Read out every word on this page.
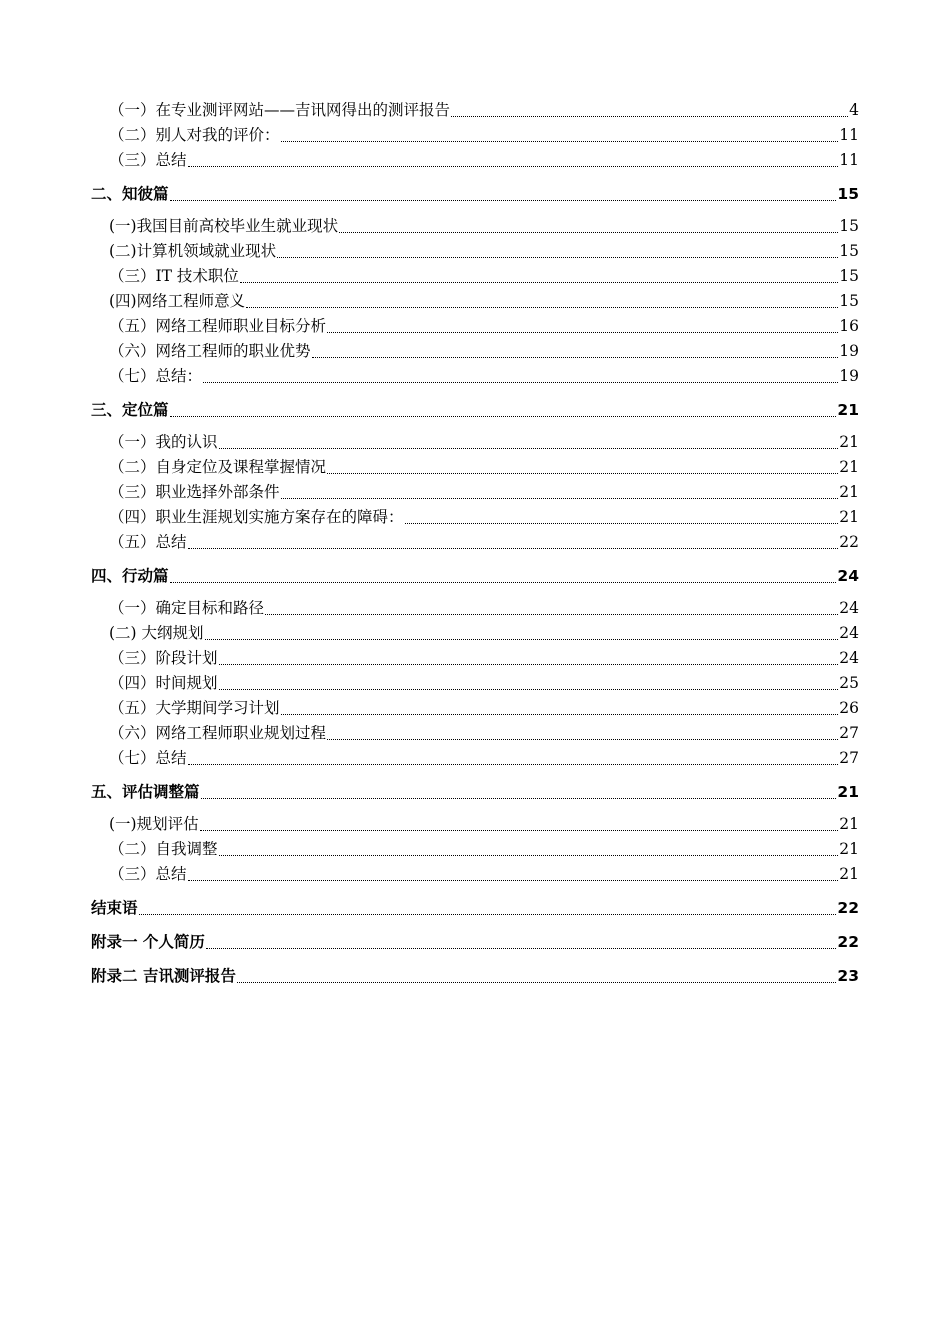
（一）在专业测评网站——吉讯网得出的测评报告	4
（二）别人对我的评价：	11
（三）总结	11
二、知彼篇	15
(一)我国目前高校毕业生就业现状	15
(二)计算机领域就业现状	15
（三）IT 技术职位	15
(四)网络工程师意义	15
（五）网络工程师职业目标分析	16
（六）网络工程师的职业优势	19
（七）总结：	19
三、定位篇	21
（一）我的认识	21
（二）自身定位及课程掌握情况	21
（三）职业选择外部条件	21
（四）职业生涯规划实施方案存在的障碍：	21
（五）总结	22
四、行动篇	24
（一）确定目标和路径	24
(二) 大纲规划	24
（三）阶段计划	24
（四）时间规划	25
（五）大学期间学习计划	26
（六）网络工程师职业规划过程	27
（七）总结	27
五、评估调整篇	21
(一)规划评估	21
（二）自我调整	21
（三）总结	21
结束语	22
附录一 个人简历	22
附录二 吉讯测评报告	23
